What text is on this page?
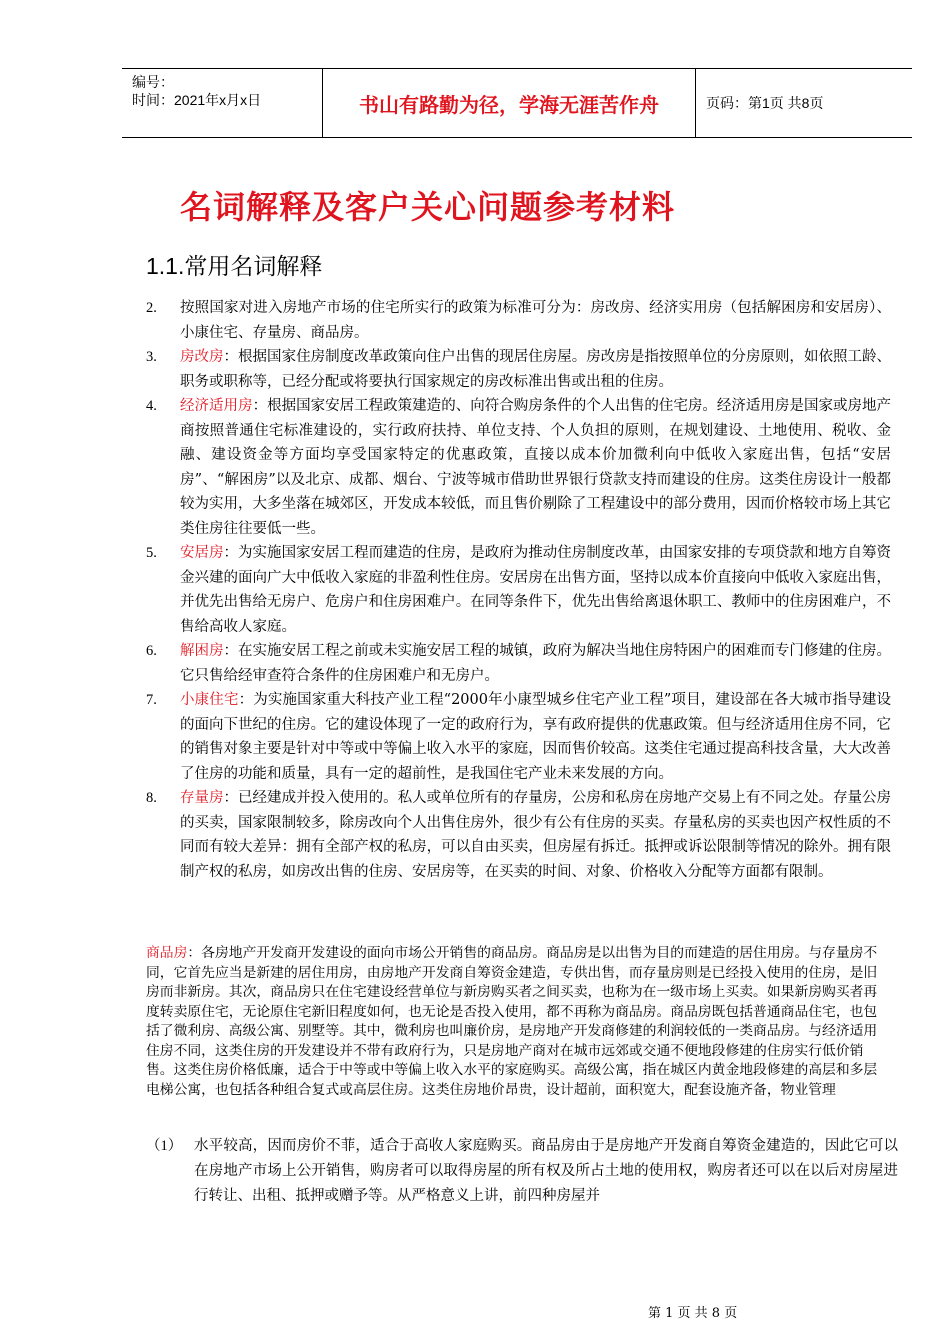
编号：
时间：2021年x月x日	书山有路勤为径，学海无涯苦作舟	页码：第1页 共8页
名词解释及客户关心问题参考材料
1.1.常用名词解释
2.	按照国家对进入房地产市场的住宅所实行的政策为标准可分为：房改房、经济实用房（包括解困房和安居房）、小康住宅、存量房、商品房。
3.	房改房：根据国家住房制度改革政策向住户出售的现居住房屋。房改房是指按照单位的分房原则，如依照工龄、职务或职称等，已经分配或将要执行国家规定的房改标准出售或出租的住房。
4.	经济适用房：根据国家安居工程政策建造的、向符合购房条件的个人出售的住宅房。经济适用房是国家或房地产商按照普通住宅标准建设的，实行政府扶持、单位支持、个人负担的原则，在规划建设、土地使用、税收、金融、建设资金等方面均享受国家特定的优惠政策，直接以成本价加微利向中低收入家庭出售，包括“安居房”、“解困房”以及北京、成都、烟台、宁波等城市借助世界银行贷款支持而建设的住房。这类住房设计一般都较为实用，大多坐落在城郊区，开发成本较低，而且售价剔除了工程建设中的部分费用，因而价格较市场上其它类住房往往要低一些。
5.	安居房：为实施国家安居工程而建造的住房，是政府为推动住房制度改革，由国家安排的专项贷款和地方自筹资金兴建的面向广大中低收入家庭的非盈利性住房。安居房在出售方面，坚持以成本价直接向中低收入家庭出售，并优先出售给无房户、危房户和住房困难户。在同等条件下，优先出售给离退休职工、教师中的住房困难户，不售给高收人家庭。
6.	解困房：在实施安居工程之前或未实施安居工程的城镇，政府为解决当地住房特困户的困难而专门修建的住房。它只售给经审查符合条件的住房困难户和无房户。
7.	小康住宅：为实施国家重大科技产业工程“2000年小康型城乡住宅产业工程”项目，建设部在各大城市指导建设的面向下世纪的住房。它的建设体现了一定的政府行为，享有政府提供的优惠政策。但与经济适用住房不同，它的销售对象主要是针对中等或中等偏上收入水平的家庭，因而售价较高。这类住宅通过提高科技含量，大大改善了住房的功能和质量，具有一定的超前性，是我国住宅产业未来发展的方向。
8.	存量房：已经建成并投入使用的。私人或单位所有的存量房，公房和私房在房地产交易上有不同之处。存量公房的买卖，国家限制较多，除房改向个人出售住房外，很少有公有住房的买卖。存量私房的买卖也因产权性质的不同而有较大差异：拥有全部产权的私房，可以自由买卖，但房屋有拆迁。抵押或诉讼限制等情况的除外。拥有限制产权的私房，如房改出售的住房、安居房等，在买卖的时间、对象、价格收入分配等方面都有限制。
商品房：各房地产开发商开发建设的面向市场公开销售的商品房。商品房是以出售为目的而建造的居住用房。与存量房不同，它首先应当是新建的居住用房，由房地产开发商自筹资金建造，专供出售，而存量房则是已经投入使用的住房，是旧房而非新房。其次，商品房只在住宅建设经营单位与新房购买者之间买卖，也称为在一级市场上买卖。如果新房购买者再度转卖原住宅，无论原住宅新旧程度如何，也无论是否投入使用，都不再称为商品房。商品房既包括普通商品住宅，也包括了微利房、高级公寓、别墅等。其中，微利房也叫廉价房，是房地产开发商修建的利润较低的一类商品房。与经济适用住房不同，这类住房的开发建设并不带有政府行为，只是房地产商对在城市远郊或交通不便地段修建的住房实行低价销售。这类住房价格低廉，适合于中等或中等偏上收入水平的家庭购买。高级公寓，指在城区内黄金地段修建的高层和多层电梯公寓，也包括各种组合复式或高层住房。这类住房地价昂贵，设计超前，面积宽大，配套设施齐备，物业管理
（1） 水平较高，因而房价不菲，适合于高收人家庭购买。商品房由于是房地产开发商自筹资金建造的，因此它可以在房地产市场上公开销售，购房者可以取得房屋的所有权及所占土地的使用权，购房者还可以在以后对房屋进行转让、出租、抵押或赠予等。从严格意义上讲，前四种房屋并
第 1 页 共 8 页
